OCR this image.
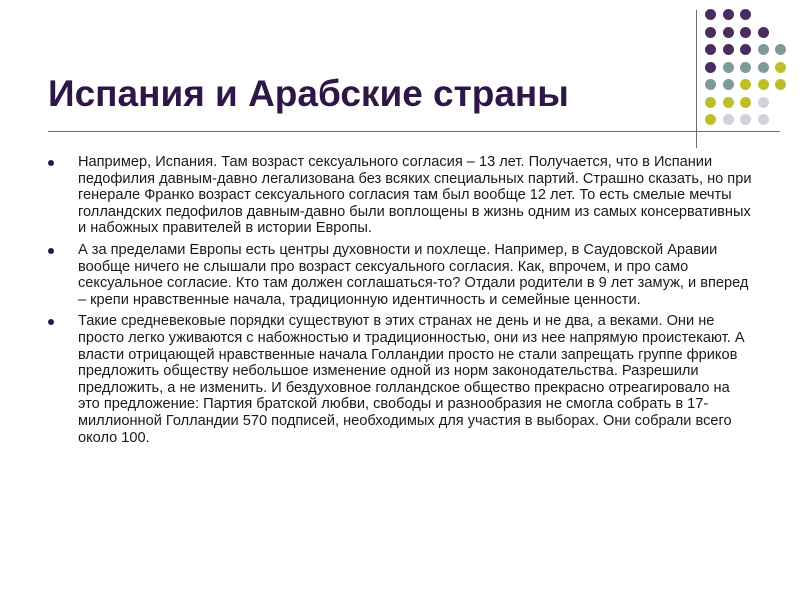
Испания и Арабские страны
Например, Испания. Там возраст сексуального согласия – 13 лет. Получается, что в Испании педофилия давным-давно легализована без всяких специальных партий. Страшно сказать, но при генерале Франко возраст сексуального согласия там был вообще 12 лет. То есть смелые мечты голландских педофилов давным-давно были воплощены в жизнь одним из самых консервативных и набожных правителей в истории Европы.
А за пределами Европы есть центры духовности и похлеще. Например, в Саудовской Аравии вообще ничего не слышали про возраст сексуального согласия. Как, впрочем, и про само сексуальное согласие. Кто там должен соглашаться-то? Отдали родители в 9 лет замуж, и вперед – крепи нравственные начала, традиционную идентичность и семейные ценности.
Такие средневековые порядки существуют в этих странах не день и не два, а веками. Они не просто легко уживаются с набожностью и традиционностью, они из нее напрямую проистекают. А власти отрицающей нравственные начала Голландии просто не стали запрещать группе фриков предложить обществу небольшое изменение одной из норм законодательства. Разрешили предложить, а не изменить. И бездуховное голландское общество прекрасно отреагировало на это предложение: Партия братской любви, свободы и разнообразия не смогла собрать в 17-миллионной Голландии 570 подписей, необходимых для участия в выборах. Они собрали всего около 100.
